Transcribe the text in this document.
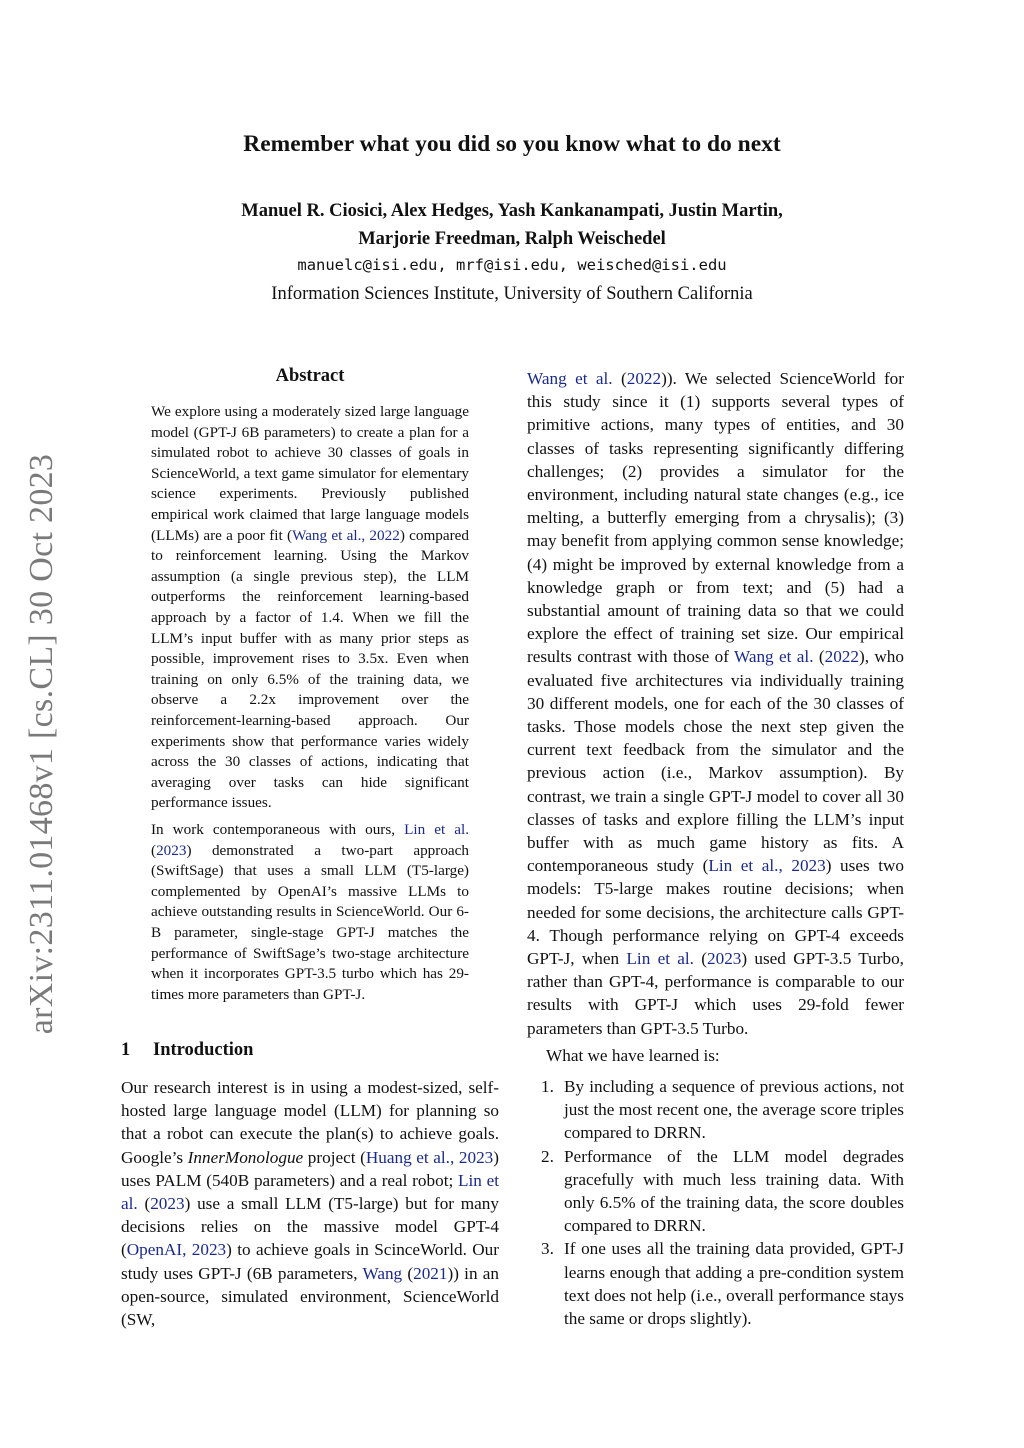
arXiv:2311.01468v1 [cs.CL] 30 Oct 2023
Remember what you did so you know what to do next
Manuel R. Ciosici, Alex Hedges, Yash Kankanampati, Justin Martin,
Marjorie Freedman, Ralph Weischedel
manuelc@isi.edu, mrf@isi.edu, weisched@isi.edu
Information Sciences Institute, University of Southern California
Abstract

We explore using a moderately sized large language model (GPT-J 6B parameters) to create a plan for a simulated robot to achieve 30 classes of goals in ScienceWorld, a text game simulator for elementary science experiments. Previously published empirical work claimed that large language models (LLMs) are a poor fit (Wang et al., 2022) compared to reinforcement learning. Using the Markov assumption (a single previous step), the LLM outperforms the reinforcement learning-based approach by a factor of 1.4. When we fill the LLM’s input buffer with as many prior steps as possible, improvement rises to 3.5x. Even when training on only 6.5% of the training data, we observe a 2.2x improvement over the reinforcement-learning-based approach. Our experiments show that performance varies widely across the 30 classes of actions, indicating that averaging over tasks can hide significant performance issues.

In work contemporaneous with ours, Lin et al. (2023) demonstrated a two-part approach (SwiftSage) that uses a small LLM (T5-large) complemented by OpenAI’s massive LLMs to achieve outstanding results in ScienceWorld. Our 6-B parameter, single-stage GPT-J matches the performance of SwiftSage’s two-stage architecture when it incorporates GPT-3.5 turbo which has 29-times more parameters than GPT-J.

1 Introduction

Our research interest is in using a modest-sized, self-hosted large language model (LLM) for planning so that a robot can execute the plan(s) to achieve goals. Google’s InnerMonologue project (Huang et al., 2023) uses PALM (540B parameters) and a real robot; Lin et al. (2023) use a small LLM (T5-large) but for many decisions relies on the massive model GPT-4 (OpenAI, 2023) to achieve goals in ScinceWorld. Our study uses GPT-J (6B parameters, Wang (2021)) in an open-source, simulated environment, ScienceWorld (SW,

Wang et al. (2022)). We selected ScienceWorld for this study since it (1) supports several types of primitive actions, many types of entities, and 30 classes of tasks representing significantly differing challenges; (2) provides a simulator for the environment, including natural state changes (e.g., ice melting, a butterfly emerging from a chrysalis); (3) may benefit from applying common sense knowledge; (4) might be improved by external knowledge from a knowledge graph or from text; and (5) had a substantial amount of training data so that we could explore the effect of training set size. Our empirical results contrast with those of Wang et al. (2022), who evaluated five architectures via individually training 30 different models, one for each of the 30 classes of tasks. Those models chose the next step given the current text feedback from the simulator and the previous action (i.e., Markov assumption). By contrast, we train a single GPT-J model to cover all 30 classes of tasks and explore filling the LLM’s input buffer with as much game history as fits. A contemporaneous study (Lin et al., 2023) uses two models: T5-large makes routine decisions; when needed for some decisions, the architecture calls GPT-4. Though performance relying on GPT-4 exceeds GPT-J, when Lin et al. (2023) used GPT-3.5 Turbo, rather than GPT-4, performance is comparable to our results with GPT-J which uses 29-fold fewer parameters than GPT-3.5 Turbo.

What we have learned is:
1. By including a sequence of previous actions, not just the most recent one, the average score triples compared to DRRN.
2. Performance of the LLM model degrades gracefully with much less training data. With only 6.5% of the training data, the score doubles compared to DRRN.
3. If one uses all the training data provided, GPT-J learns enough that adding a pre-condition system text does not help (i.e., overall performance stays the same or drops slightly).
